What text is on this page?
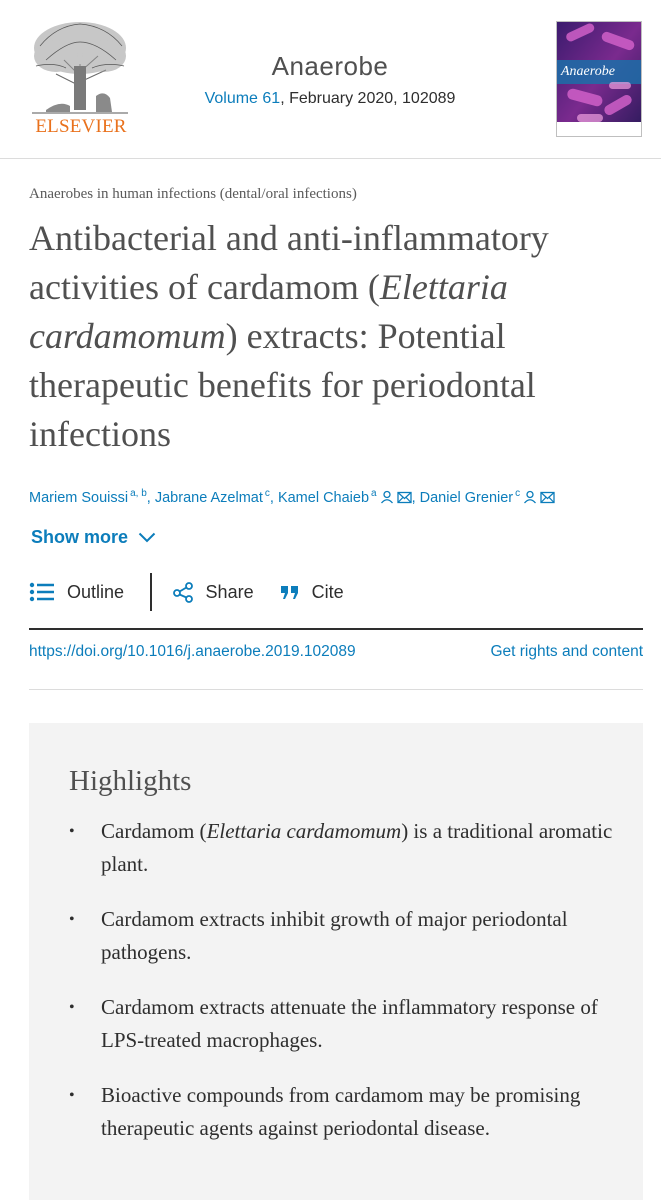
ELSEVIER
Anaerobe
Volume 61, February 2020, 102089
Anaerobe
Anaerobes in human infections (dental/oral infections)
Antibacterial and anti-inflammatory activities of cardamom (Elettaria cardamomum) extracts: Potential therapeutic benefits for periodontal infections
Mariem Souissi $^{a, b}$, Jabrane Azelmat $^c$, Kamel Chaieb $^a$ , Daniel Grenier $^c$
Show more
Outline	Share	Cite
https://doi.org/10.1016/j.anaerobe.2019.102089	Get rights and content
Highlights
• Cardamom (Elettaria cardamomum) is a traditional aromatic plant.
• Cardamom extracts inhibit growth of major periodontal pathogens.
• Cardamom extracts attenuate the inflammatory response of LPS-treated macrophages.
• Bioactive compounds from cardamom may be promising therapeutic agents against periodontal disease.
